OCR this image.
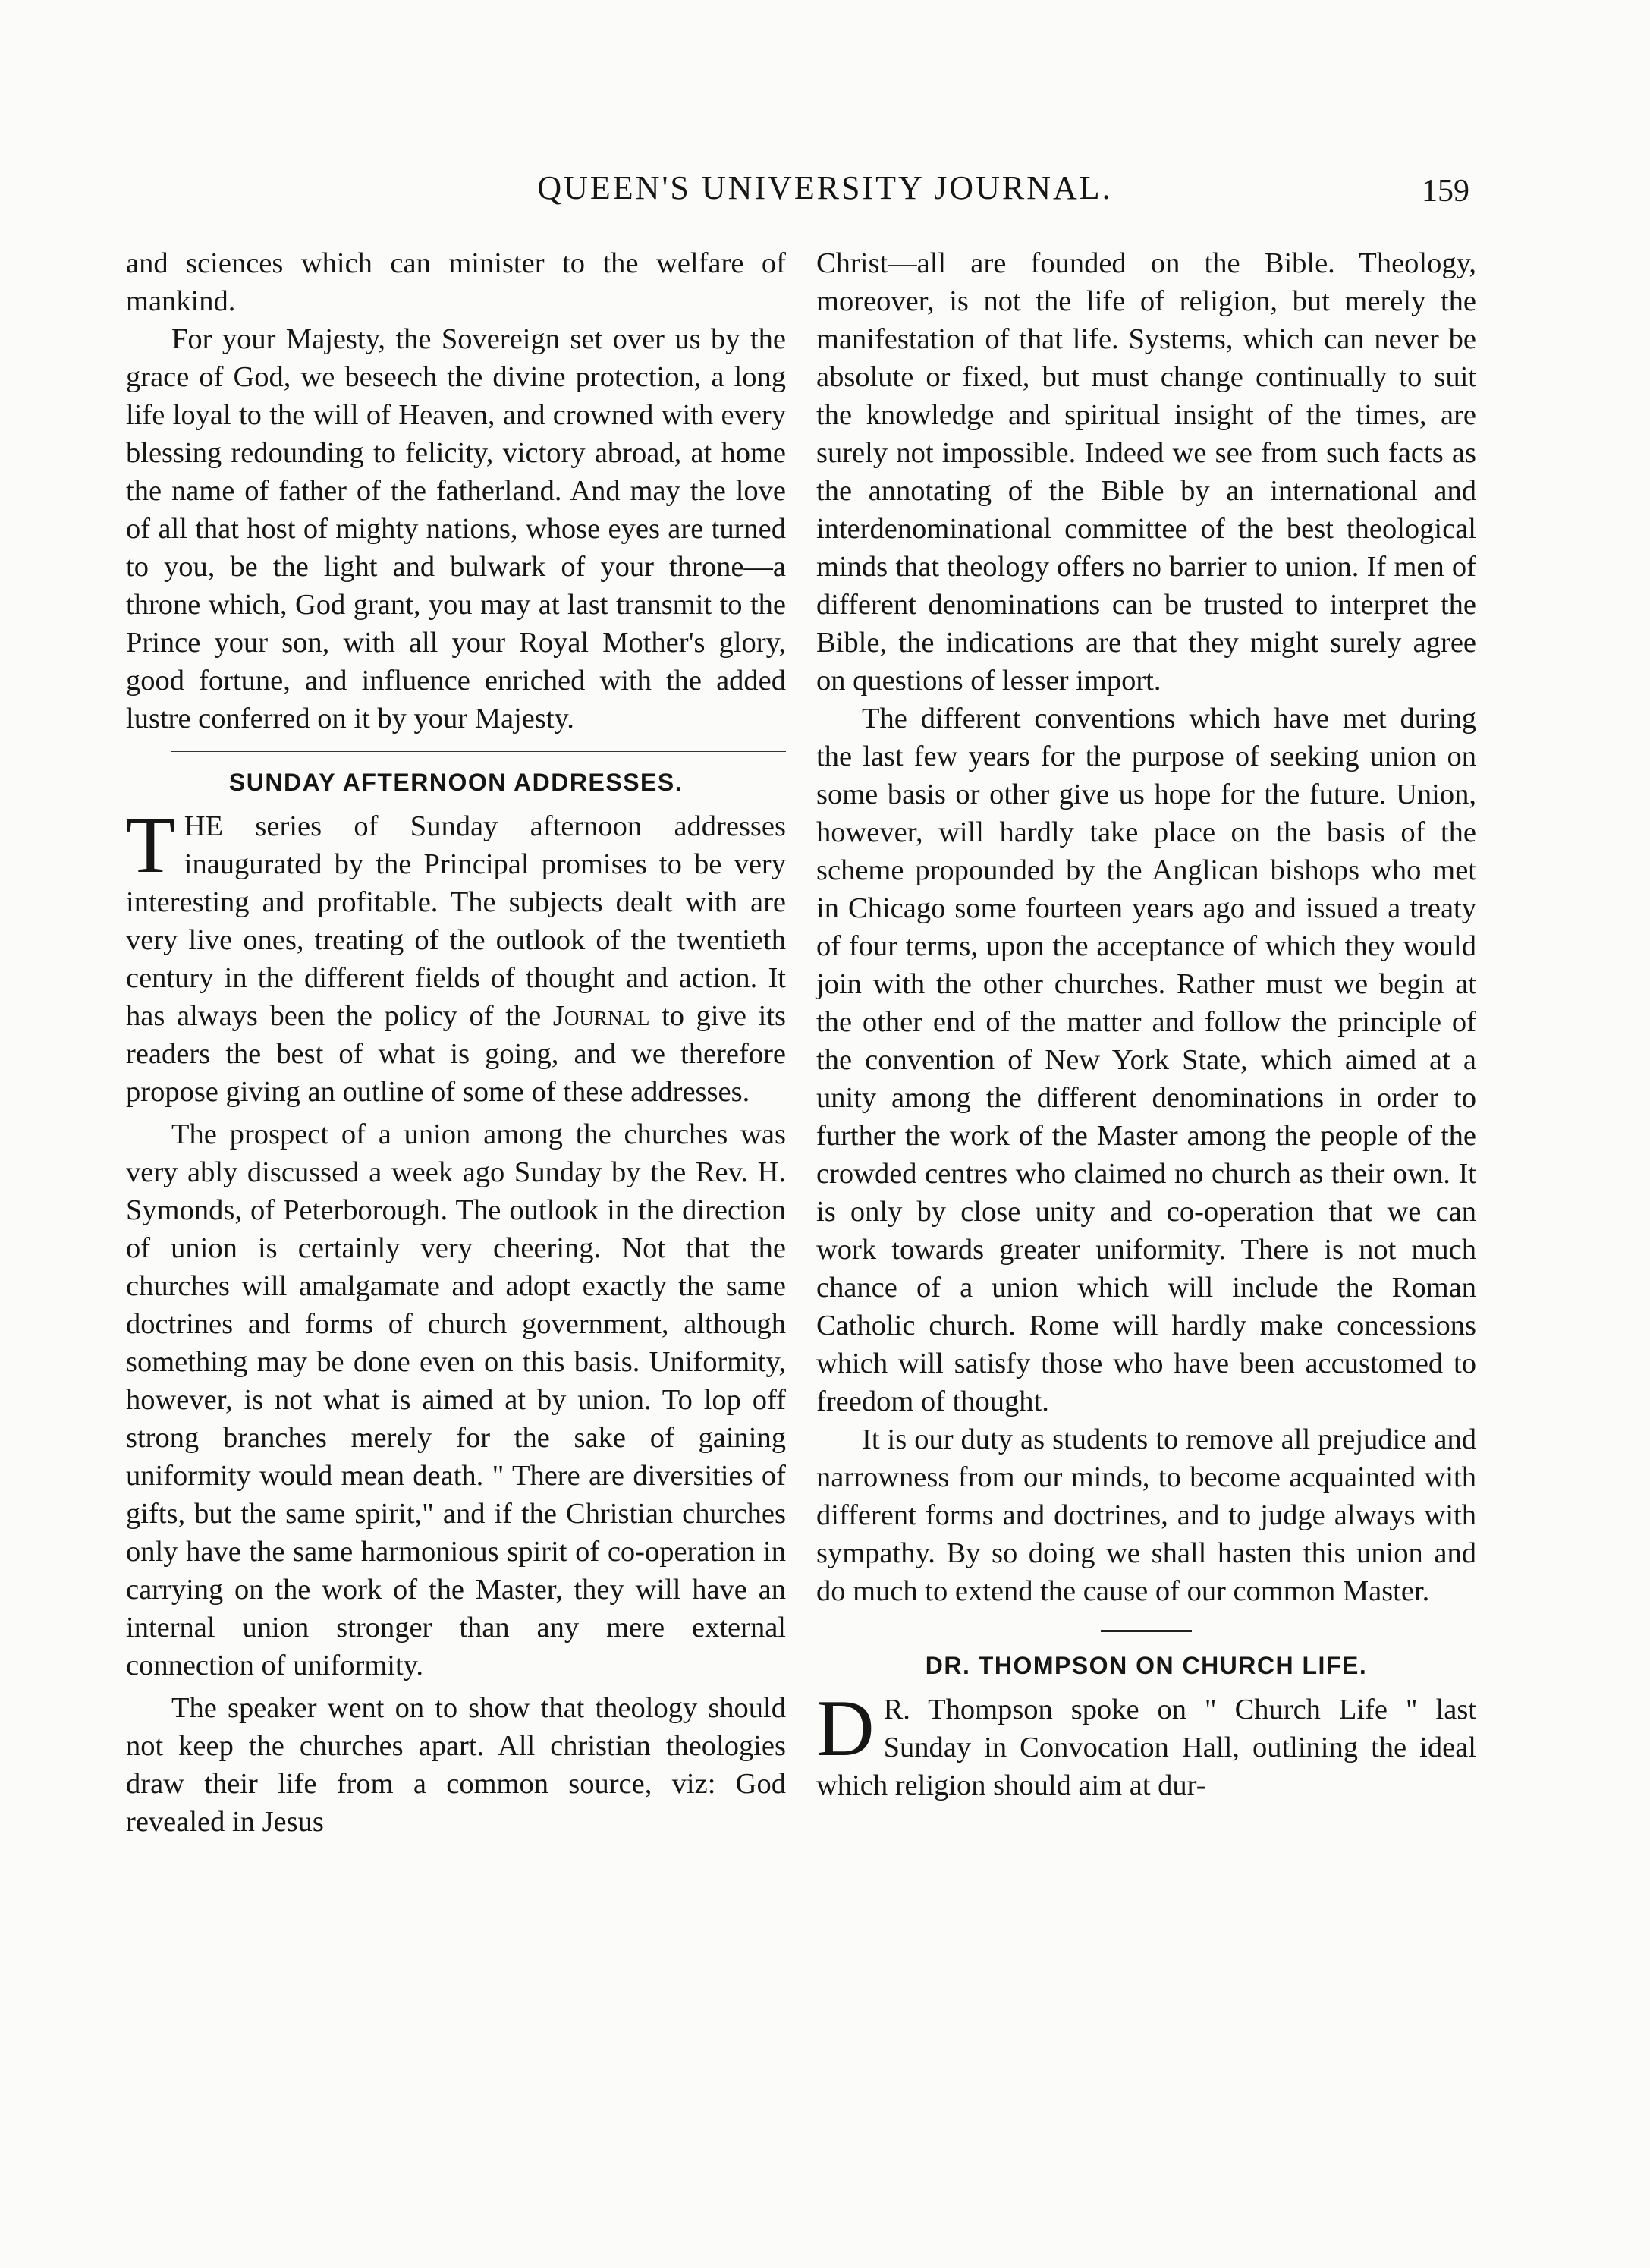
QUEEN'S UNIVERSITY JOURNAL.	159

and sciences which can minister to the welfare of mankind.

For your Majesty, the Sovereign set over us by the grace of God, we beseech the divine protection, a long life loyal to the will of Heaven, and crowned with every blessing redounding to felicity, victory abroad, at home the name of father of the fatherland. And may the love of all that host of mighty nations, whose eyes are turned to you, be the light and bulwark of your throne—a throne which, God grant, you may at last transmit to the Prince your son, with all your Royal Mother's glory, good fortune, and influence enriched with the added lustre conferred on it by your Majesty.

SUNDAY AFTERNOON ADDRESSES.

THE series of Sunday afternoon addresses inaugurated by the Principal promises to be very interesting and profitable. The subjects dealt with are very live ones, treating of the outlook of the twentieth century in the different fields of thought and action. It has always been the policy of the Journal to give its readers the best of what is going, and we therefore propose giving an outline of some of these addresses.

The prospect of a union among the churches was very ably discussed a week ago Sunday by the Rev. H. Symonds, of Peterborough. The outlook in the direction of union is certainly very cheering. Not that the churches will amalgamate and adopt exactly the same doctrines and forms of church government, although something may be done even on this basis. Uniformity, however, is not what is aimed at by union. To lop off strong branches merely for the sake of gaining uniformity would mean death. " There are diversities of gifts, but the same spirit," and if the Christian churches only have the same harmonious spirit of co-operation in carrying on the work of the Master, they will have an internal union stronger than any mere external connection of uniformity.

The speaker went on to show that theology should not keep the churches apart. All christian theologies draw their life from a common source, viz: God revealed in Jesus

Christ—all are founded on the Bible. Theology, moreover, is not the life of religion, but merely the manifestation of that life. Systems, which can never be absolute or fixed, but must change continually to suit the knowledge and spiritual insight of the times, are surely not impossible. Indeed we see from such facts as the annotating of the Bible by an international and interdenominational committee of the best theological minds that theology offers no barrier to union. If men of different denominations can be trusted to interpret the Bible, the indications are that they might surely agree on questions of lesser import.

The different conventions which have met during the last few years for the purpose of seeking union on some basis or other give us hope for the future. Union, however, will hardly take place on the basis of the scheme propounded by the Anglican bishops who met in Chicago some fourteen years ago and issued a treaty of four terms, upon the acceptance of which they would join with the other churches. Rather must we begin at the other end of the matter and follow the principle of the convention of New York State, which aimed at a unity among the different denominations in order to further the work of the Master among the people of the crowded centres who claimed no church as their own. It is only by close unity and co-operation that we can work towards greater uniformity. There is not much chance of a union which will include the Roman Catholic church. Rome will hardly make concessions which will satisfy those who have been accustomed to freedom of thought.

It is our duty as students to remove all prejudice and narrowness from our minds, to become acquainted with different forms and doctrines, and to judge always with sympathy. By so doing we shall hasten this union and do much to extend the cause of our common Master.

DR. THOMPSON ON CHURCH LIFE.

D R. Thompson spoke on " Church Life " last Sunday in Convocation Hall, outlining the ideal which religion should aim at dur-
